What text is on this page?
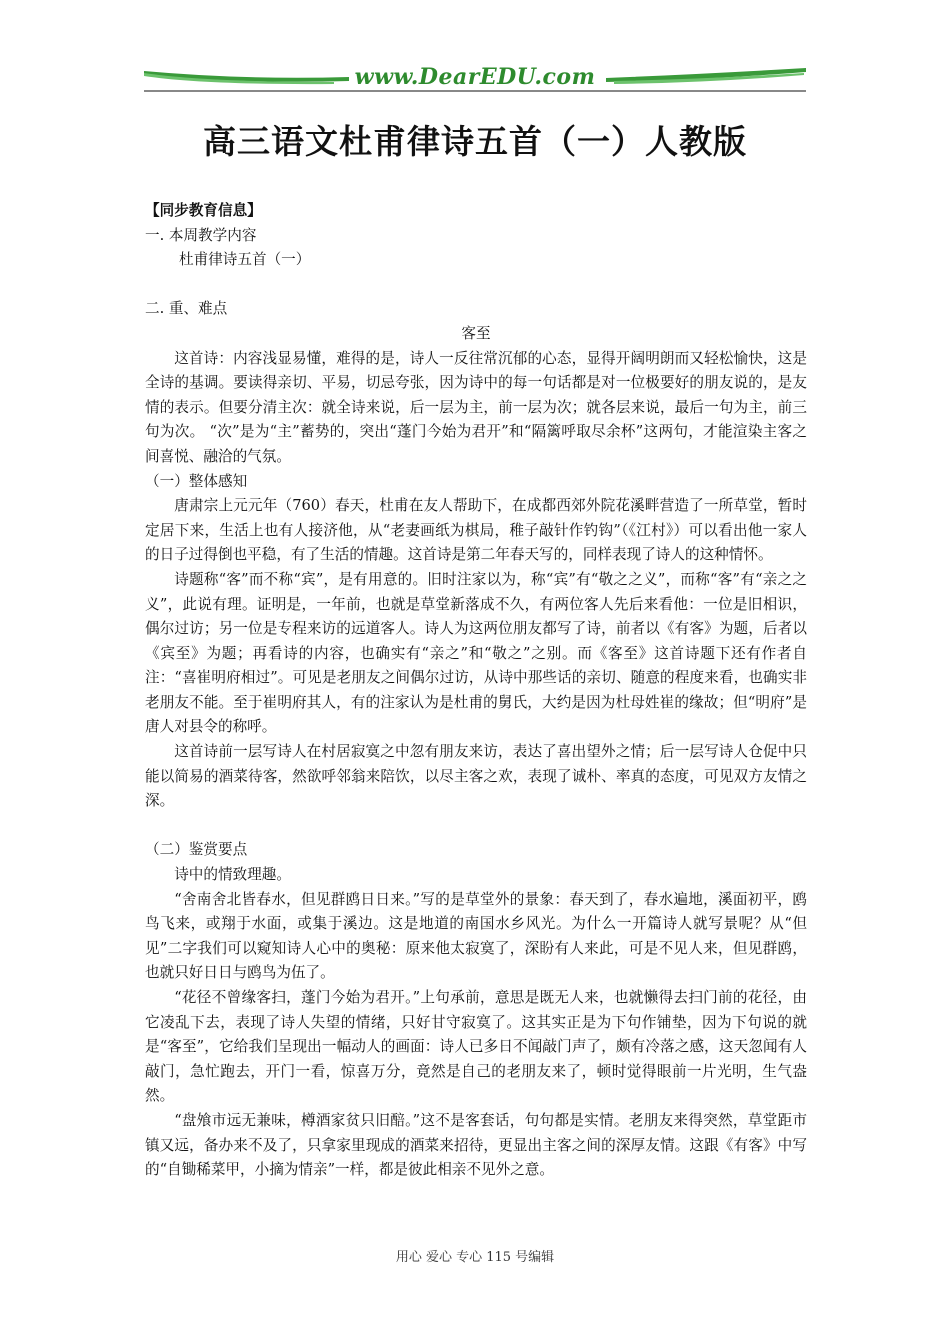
www.DearEDU.com
高三语文杜甫律诗五首（一）人教版

【同步教育信息】

一. 本周教学内容

杜甫律诗五首（一）

二. 重、难点

客至

这首诗：内容浅显易懂，难得的是，诗人一反往常沉郁的心态，显得开阔明朗而又轻松愉快，这是全诗的基调。要读得亲切、平易，切忌夸张，因为诗中的每一句话都是对一位极要好的朋友说的，是友情的表示。但要分清主次：就全诗来说，后一层为主，前一层为次；就各层来说，最后一句为主，前三句为次。 “次”是为“主”蓄势的，突出“蓬门今始为君开”和“隔篱呼取尽余杯”这两句，才能渲染主客之间喜悦、融洽的气氛。

（一）整体感知

唐肃宗上元元年（760）春天，杜甫在友人帮助下，在成都西郊外院花溪畔营造了一所草堂，暂时定居下来，生活上也有人接济他，从“老妻画纸为棋局，稚子敲针作钓钩”（《江村》）可以看出他一家人的日子过得倒也平稳，有了生活的情趣。这首诗是第二年春天写的，同样表现了诗人的这种情怀。

诗题称“客”而不称“宾”，是有用意的。旧时注家以为，称“宾”有“敬之之义”，而称“客”有“亲之之义”，此说有理。证明是，一年前，也就是草堂新落成不久，有两位客人先后来看他：一位是旧相识，偶尔过访；另一位是专程来访的远道客人。诗人为这两位朋友都写了诗，前者以《有客》为题，后者以《宾至》为题；再看诗的内容，也确实有“亲之”和“敬之”之别。而《客至》这首诗题下还有作者自注：“喜崔明府相过”。可见是老朋友之间偶尔过访，从诗中那些话的亲切、随意的程度来看，也确实非老朋友不能。至于崔明府其人，有的注家认为是杜甫的舅氏，大约是因为杜母姓崔的缘故；但“明府”是唐人对县令的称呼。

这首诗前一层写诗人在村居寂寞之中忽有朋友来访，表达了喜出望外之情；后一层写诗人仓促中只能以简易的酒菜待客，然欲呼邻翁来陪饮，以尽主客之欢，表现了诚朴、率真的态度，可见双方友情之深。

（二）鉴赏要点

诗中的情致理趣。

“舍南舍北皆春水，但见群鸥日日来。”写的是草堂外的景象：春天到了，春水遍地，溪面初平，鸥鸟飞来，或翔于水面，或集于溪边。这是地道的南国水乡风光。为什么一开篇诗人就写景呢？从“但见”二字我们可以窥知诗人心中的奥秘：原来他太寂寞了，深盼有人来此，可是不见人来，但见群鸥，也就只好日日与鸥鸟为伍了。

“花径不曾缘客扫，蓬门今始为君开。”上句承前，意思是既无人来，也就懒得去扫门前的花径，由它凌乱下去，表现了诗人失望的情绪，只好甘守寂寞了。这其实正是为下句作铺垫，因为下句说的就是“客至”，它给我们呈现出一幅动人的画面：诗人已多日不闻敲门声了，颇有冷落之感，这天忽闻有人敲门，急忙跑去，开门一看，惊喜万分，竟然是自己的老朋友来了，顿时觉得眼前一片光明，生气盎然。

“盘飧市远无兼味，樽酒家贫只旧醅。”这不是客套话，句句都是实情。老朋友来得突然，草堂距市镇又远，备办来不及了，只拿家里现成的酒菜来招待，更显出主客之间的深厚友情。这跟《有客》中写的“自锄稀菜甲，小摘为情亲”一样，都是彼此相亲不见外之意。

用心 爱心 专心 115 号编辑
